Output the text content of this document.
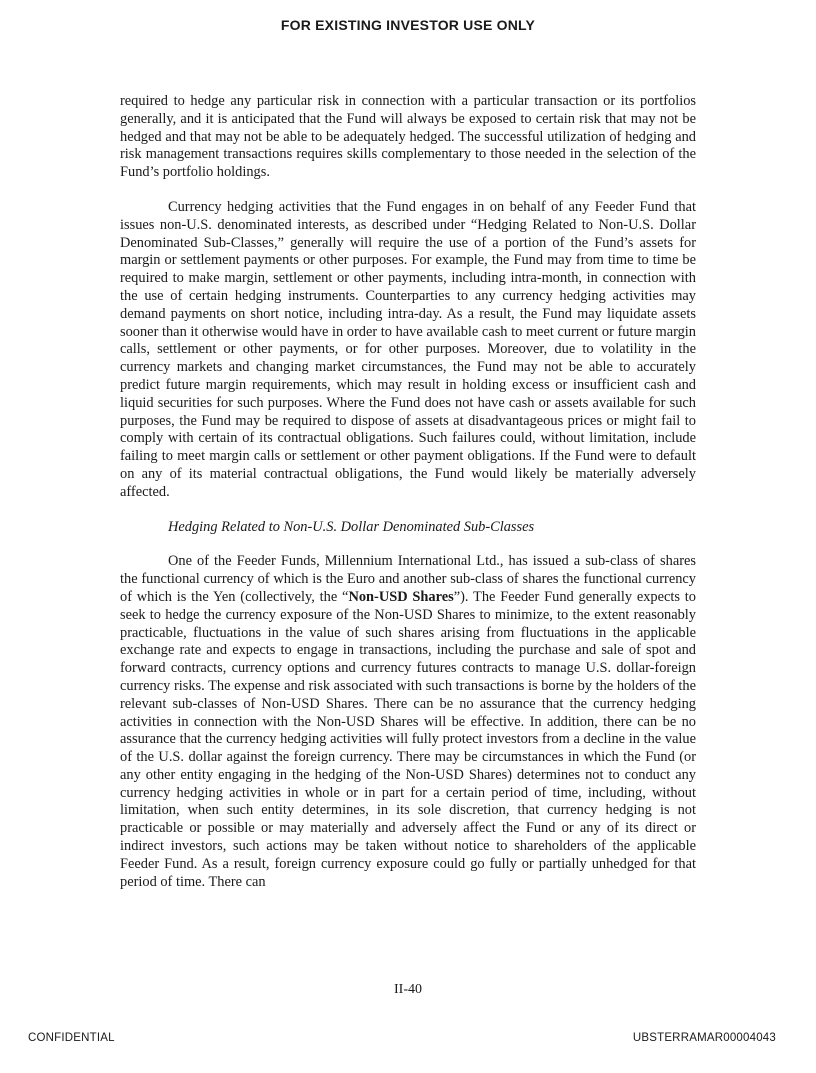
FOR EXISTING INVESTOR USE ONLY

required to hedge any particular risk in connection with a particular transaction or its portfolios generally, and it is anticipated that the Fund will always be exposed to certain risk that may not be hedged and that may not be able to be adequately hedged. The successful utilization of hedging and risk management transactions requires skills complementary to those needed in the selection of the Fund’s portfolio holdings.

Currency hedging activities that the Fund engages in on behalf of any Feeder Fund that issues non-U.S. denominated interests, as described under “Hedging Related to Non-U.S. Dollar Denominated Sub-Classes,” generally will require the use of a portion of the Fund’s assets for margin or settlement payments or other purposes. For example, the Fund may from time to time be required to make margin, settlement or other payments, including intra-month, in connection with the use of certain hedging instruments. Counterparties to any currency hedging activities may demand payments on short notice, including intra-day. As a result, the Fund may liquidate assets sooner than it otherwise would have in order to have available cash to meet current or future margin calls, settlement or other payments, or for other purposes. Moreover, due to volatility in the currency markets and changing market circumstances, the Fund may not be able to accurately predict future margin requirements, which may result in holding excess or insufficient cash and liquid securities for such purposes. Where the Fund does not have cash or assets available for such purposes, the Fund may be required to dispose of assets at disadvantageous prices or might fail to comply with certain of its contractual obligations. Such failures could, without limitation, include failing to meet margin calls or settlement or other payment obligations. If the Fund were to default on any of its material contractual obligations, the Fund would likely be materially adversely affected.

Hedging Related to Non-U.S. Dollar Denominated Sub-Classes

One of the Feeder Funds, Millennium International Ltd., has issued a sub-class of shares the functional currency of which is the Euro and another sub-class of shares the functional currency of which is the Yen (collectively, the “Non-USD Shares”). The Feeder Fund generally expects to seek to hedge the currency exposure of the Non-USD Shares to minimize, to the extent reasonably practicable, fluctuations in the value of such shares arising from fluctuations in the applicable exchange rate and expects to engage in transactions, including the purchase and sale of spot and forward contracts, currency options and currency futures contracts to manage U.S. dollar-foreign currency risks. The expense and risk associated with such transactions is borne by the holders of the relevant sub-classes of Non-USD Shares. There can be no assurance that the currency hedging activities in connection with the Non-USD Shares will be effective. In addition, there can be no assurance that the currency hedging activities will fully protect investors from a decline in the value of the U.S. dollar against the foreign currency. There may be circumstances in which the Fund (or any other entity engaging in the hedging of the Non-USD Shares) determines not to conduct any currency hedging activities in whole or in part for a certain period of time, including, without limitation, when such entity determines, in its sole discretion, that currency hedging is not practicable or possible or may materially and adversely affect the Fund or any of its direct or indirect investors, such actions may be taken without notice to shareholders of the applicable Feeder Fund. As a result, foreign currency exposure could go fully or partially unhedged for that period of time. There can

II-40
CONFIDENTIAL	UBSTERRAMAR00004043
